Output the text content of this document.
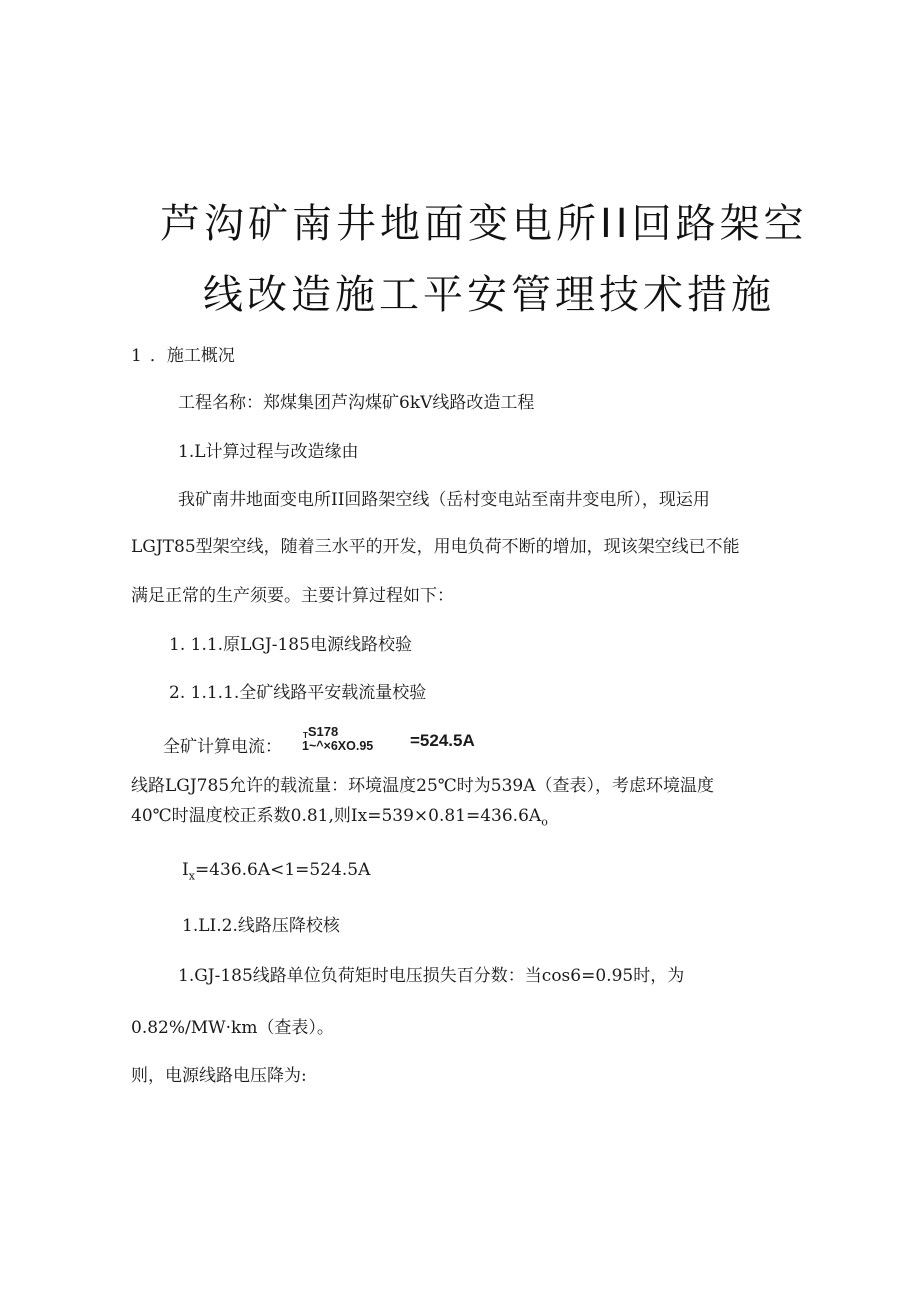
芦沟矿南井地面变电所II回路架空
线改造施工平安管理技术措施
1 ．施工概况
工程名称：郑煤集团芦沟煤矿6kV线路改造工程
1.L计算过程与改造缘由
我矿南井地面变电所II回路架空线（岳村变电站至南井变电所），现运用
LGJT85型架空线，随着三水平的开发，用电负荷不断的增加，现该架空线已不能
满足正常的生产须要。主要计算过程如下：
1. 1.1.原LGJ-185电源线路校验
2. 1.1.1.全矿线路平安载流量校验
全矿计算电流：
TS178
1~^×6XO.95 =524.5A
线路LGJ785允许的载流量：环境温度25℃时为539A（查表），考虑环境温度
40℃时温度校正系数0.81,则$Ix=539\times 0.81=436.6A_o$
$I_x=436.6A<1=524.5A$
1.LI.2.线路压降校核
1.GJ-185线路单位负荷矩时电压损失百分数：当cos6=0.95时，为
0.82%/MW·km（查表）。
则，电源线路电压降为:
